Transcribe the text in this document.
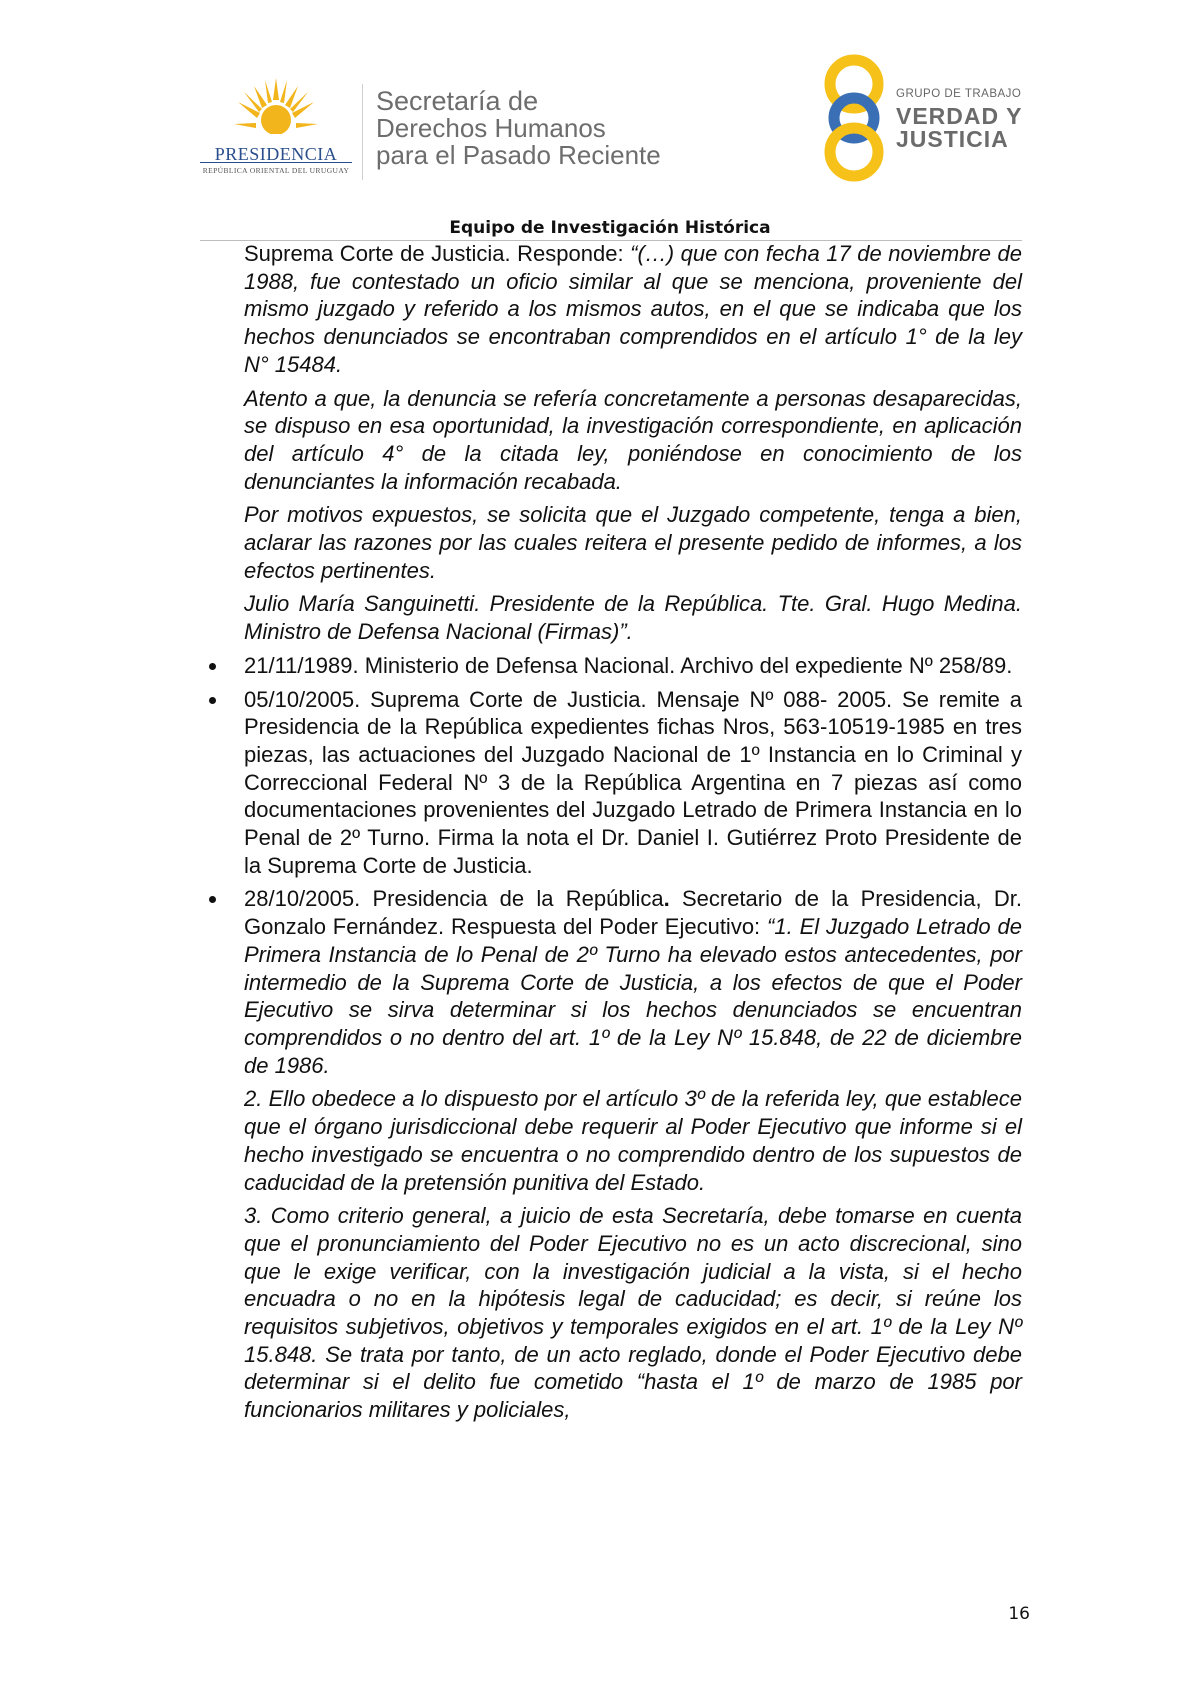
PRESIDENCIA
REPÚBLICA ORIENTAL DEL URUGUAY
Secretaría de
Derechos Humanos
para el Pasado Reciente
GRUPO DE TRABAJO
VERDAD Y
JUSTICIA
Equipo de Investigación Histórica

Suprema Corte de Justicia. Responde: “(…) que con fecha 17 de noviembre de 1988, fue contestado un oficio similar al que se menciona, proveniente del mismo juzgado y referido a los mismos autos, en el que se indicaba que los hechos denunciados se encontraban comprendidos en el artículo 1° de la ley N° 15484.

Atento a que, la denuncia se refería concretamente a personas desaparecidas, se dispuso en esa oportunidad, la investigación correspondiente, en aplicación del artículo 4° de la citada ley, poniéndose en conocimiento de los denunciantes la información recabada.

Por motivos expuestos, se solicita que el Juzgado competente, tenga a bien, aclarar las razones por las cuales reitera el presente pedido de informes, a los efectos pertinentes.

Julio María Sanguinetti. Presidente de la República. Tte. Gral. Hugo Medina. Ministro de Defensa Nacional (Firmas)”.

21/11/1989. Ministerio de Defensa Nacional. Archivo del expediente Nº 258/89.

05/10/2005. Suprema Corte de Justicia. Mensaje Nº 088- 2005. Se remite a Presidencia de la República expedientes fichas Nros, 563-10519-1985 en tres piezas, las actuaciones del Juzgado Nacional de 1º Instancia en lo Criminal y Correccional Federal Nº 3 de la República Argentina en 7 piezas así como documentaciones provenientes del Juzgado Letrado de Primera Instancia en lo Penal de 2º Turno. Firma la nota el Dr. Daniel I. Gutiérrez Proto Presidente de la Suprema Corte de Justicia.

28/10/2005. Presidencia de la República. Secretario de la Presidencia, Dr. Gonzalo Fernández. Respuesta del Poder Ejecutivo: “1. El Juzgado Letrado de Primera Instancia de lo Penal de 2º Turno ha elevado estos antecedentes, por intermedio de la Suprema Corte de Justicia, a los efectos de que el Poder Ejecutivo se sirva determinar si los hechos denunciados se encuentran comprendidos o no dentro del art. 1º de la Ley Nº 15.848, de 22 de diciembre de 1986.

2. Ello obedece a lo dispuesto por el artículo 3º de la referida ley, que establece que el órgano jurisdiccional debe requerir al Poder Ejecutivo que informe si el hecho investigado se encuentra o no comprendido dentro de los supuestos de caducidad de la pretensión punitiva del Estado.

3. Como criterio general, a juicio de esta Secretaría, debe tomarse en cuenta que el pronunciamiento del Poder Ejecutivo no es un acto discrecional, sino que le exige verificar, con la investigación judicial a la vista, si el hecho encuadra o no en la hipótesis legal de caducidad; es decir, si reúne los requisitos subjetivos, objetivos y temporales exigidos en el art. 1º de la Ley Nº 15.848. Se trata por tanto, de un acto reglado, donde el Poder Ejecutivo debe determinar si el delito fue cometido “hasta el 1º de marzo de 1985 por funcionarios militares y policiales,

16
